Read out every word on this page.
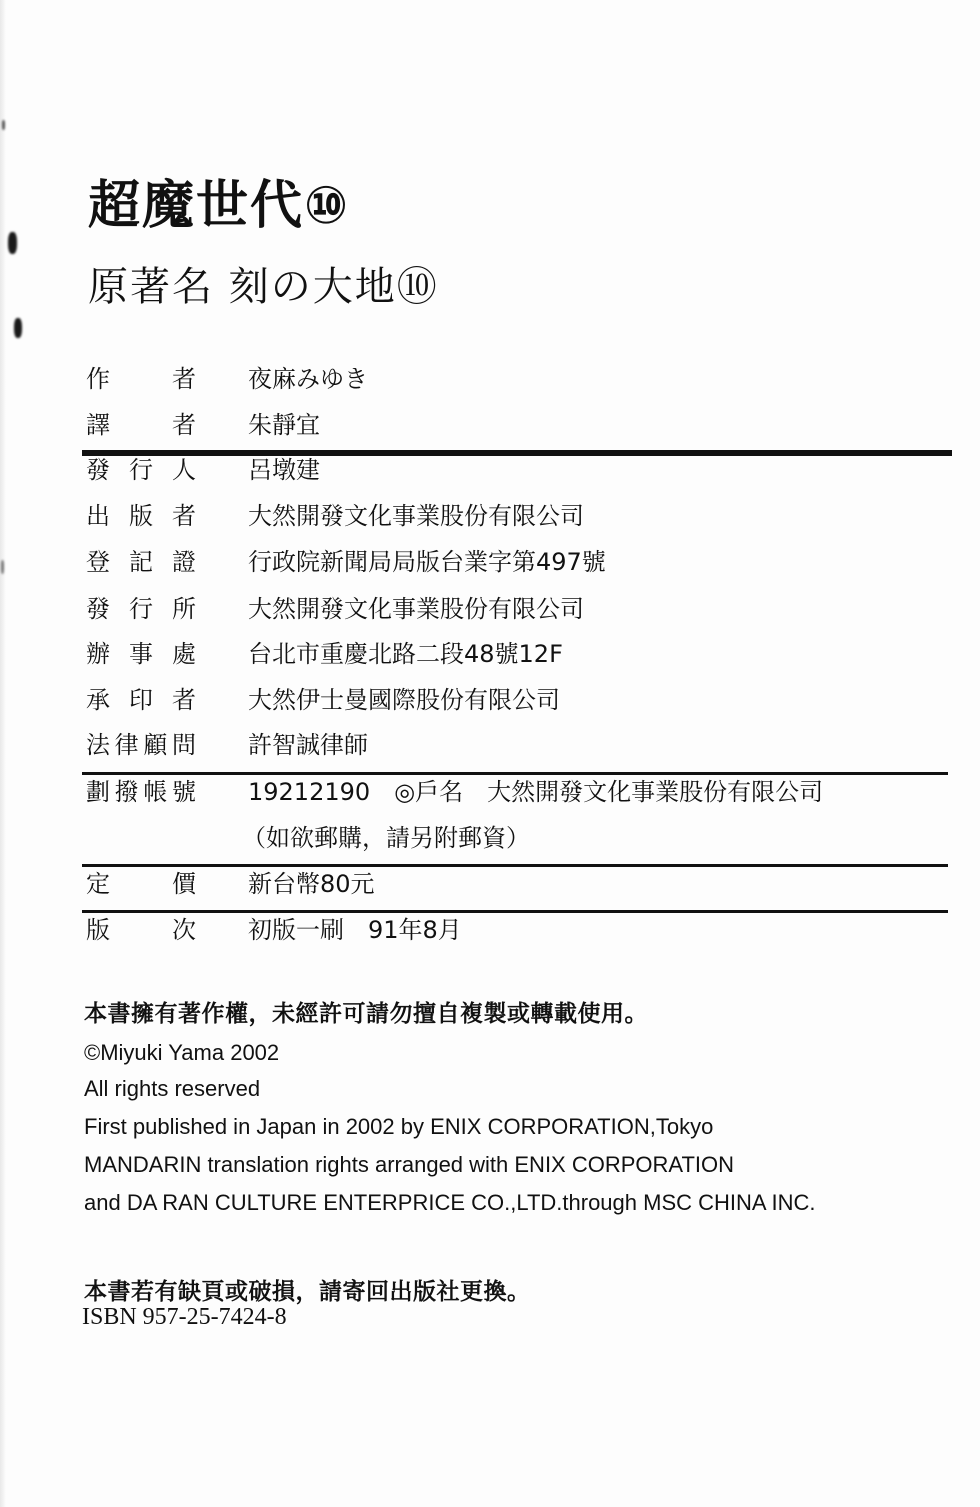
超魔世代⑩
原著名 刻の大地⑩
作	者 夜麻みゆき
譯	者 朱靜宜
發 行 人 呂墩建
出 版 者 大然開發文化事業股份有限公司
登 記 證 行政院新聞局局版台業字第497號
發 行 所 大然開發文化事業股份有限公司
辦 事 處 台北市重慶北路二段48號12F
承 印 者 大然伊士曼國際股份有限公司
法 律 顧 問 許智誠律師
劃 撥 帳 號 19212190　◎戶名　大然開發文化事業股份有限公司
（如欲郵購，請另附郵資）
定	價 新台幣80元
版	次 初版一刷　91年8月
本書擁有著作權，未經許可請勿擅自複製或轉載使用。
©Miyuki Yama 2002
All rights reserved
First published in Japan in 2002 by ENIX CORPORATION,Tokyo
MANDARIN translation rights arranged with ENIX CORPORATION
and DA RAN CULTURE ENTERPRICE CO.,LTD.through MSC CHINA INC.
本書若有缺頁或破損，請寄回出版社更換。
ISBN 957-25-7424-8
